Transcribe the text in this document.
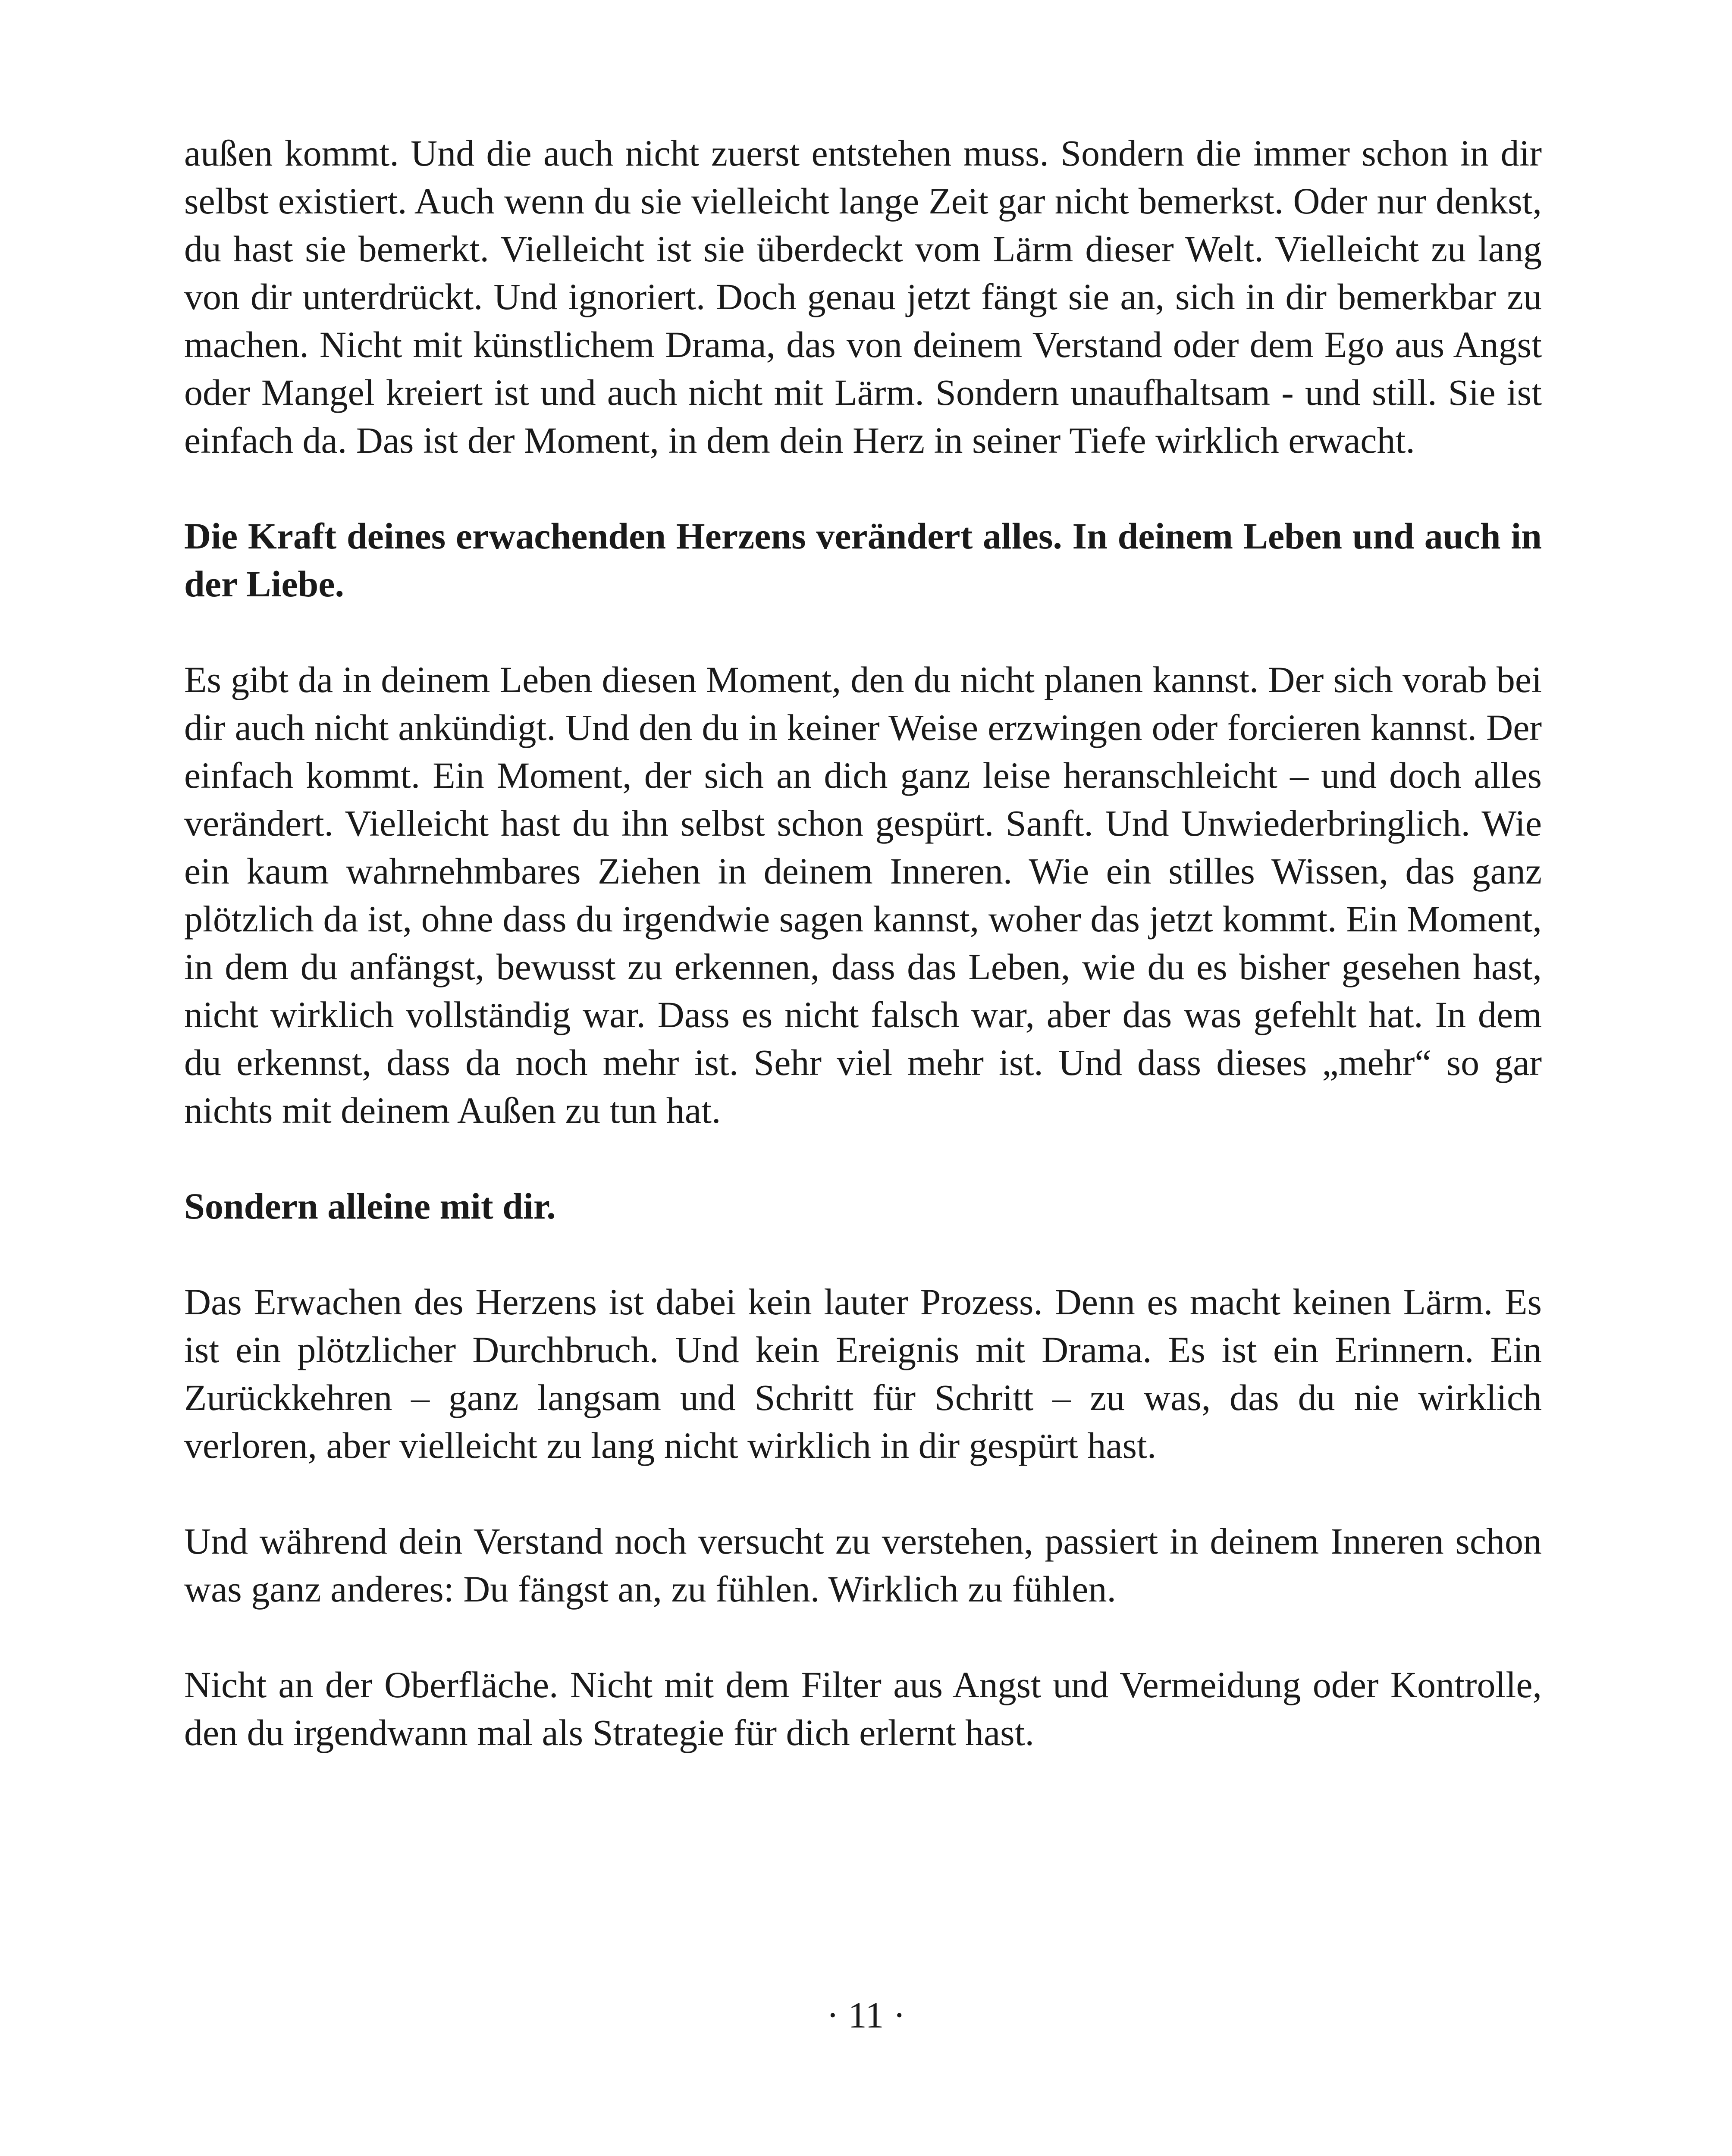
außen kommt. Und die auch nicht zuerst entstehen muss. Sondern die immer schon in dir selbst existiert. Auch wenn du sie vielleicht lange Zeit gar nicht bemerkst. Oder nur denkst, du hast sie bemerkt. Vielleicht ist sie überdeckt vom Lärm dieser Welt. Vielleicht zu lang von dir unterdrückt. Und ignoriert. Doch genau jetzt fängt sie an, sich in dir bemerkbar zu machen. Nicht mit künstlichem Drama, das von deinem Verstand oder dem Ego aus Angst oder Mangel kreiert ist und auch nicht mit Lärm. Sondern unaufhaltsam - und still. Sie ist einfach da. Das ist der Moment, in dem dein Herz in seiner Tiefe wirklich erwacht.

Die Kraft deines erwachenden Herzens verändert alles. In deinem Leben und auch in der Liebe.

Es gibt da in deinem Leben diesen Moment, den du nicht planen kannst. Der sich vorab bei dir auch nicht ankündigt. Und den du in keiner Weise erzwingen oder forcieren kannst. Der einfach kommt. Ein Moment, der sich an dich ganz leise heranschleicht – und doch alles verändert. Vielleicht hast du ihn selbst schon gespürt. Sanft. Und Unwiederbringlich. Wie ein kaum wahrnehmbares Ziehen in deinem Inneren. Wie ein stilles Wissen, das ganz plötzlich da ist, ohne dass du irgendwie sagen kannst, woher das jetzt kommt. Ein Moment, in dem du anfängst, bewusst zu erkennen, dass das Leben, wie du es bisher gesehen hast, nicht wirklich vollständig war. Dass es nicht falsch war, aber das was gefehlt hat. In dem du erkennst, dass da noch mehr ist. Sehr viel mehr ist. Und dass dieses „mehr“ so gar nichts mit deinem Außen zu tun hat.

Sondern alleine mit dir.

Das Erwachen des Herzens ist dabei kein lauter Prozess. Denn es macht keinen Lärm. Es ist ein plötzlicher Durchbruch. Und kein Ereignis mit Drama. Es ist ein Erinnern. Ein Zurückkehren – ganz langsam und Schritt für Schritt – zu was, das du nie wirklich verloren, aber vielleicht zu lang nicht wirklich in dir gespürt hast.

Und während dein Verstand noch versucht zu verstehen, passiert in deinem Inneren schon was ganz anderes: Du fängst an, zu fühlen. Wirklich zu fühlen.

Nicht an der Oberfläche. Nicht mit dem Filter aus Angst und Vermeidung oder Kontrolle, den du irgendwann mal als Strategie für dich erlernt hast.

· 11 ·
